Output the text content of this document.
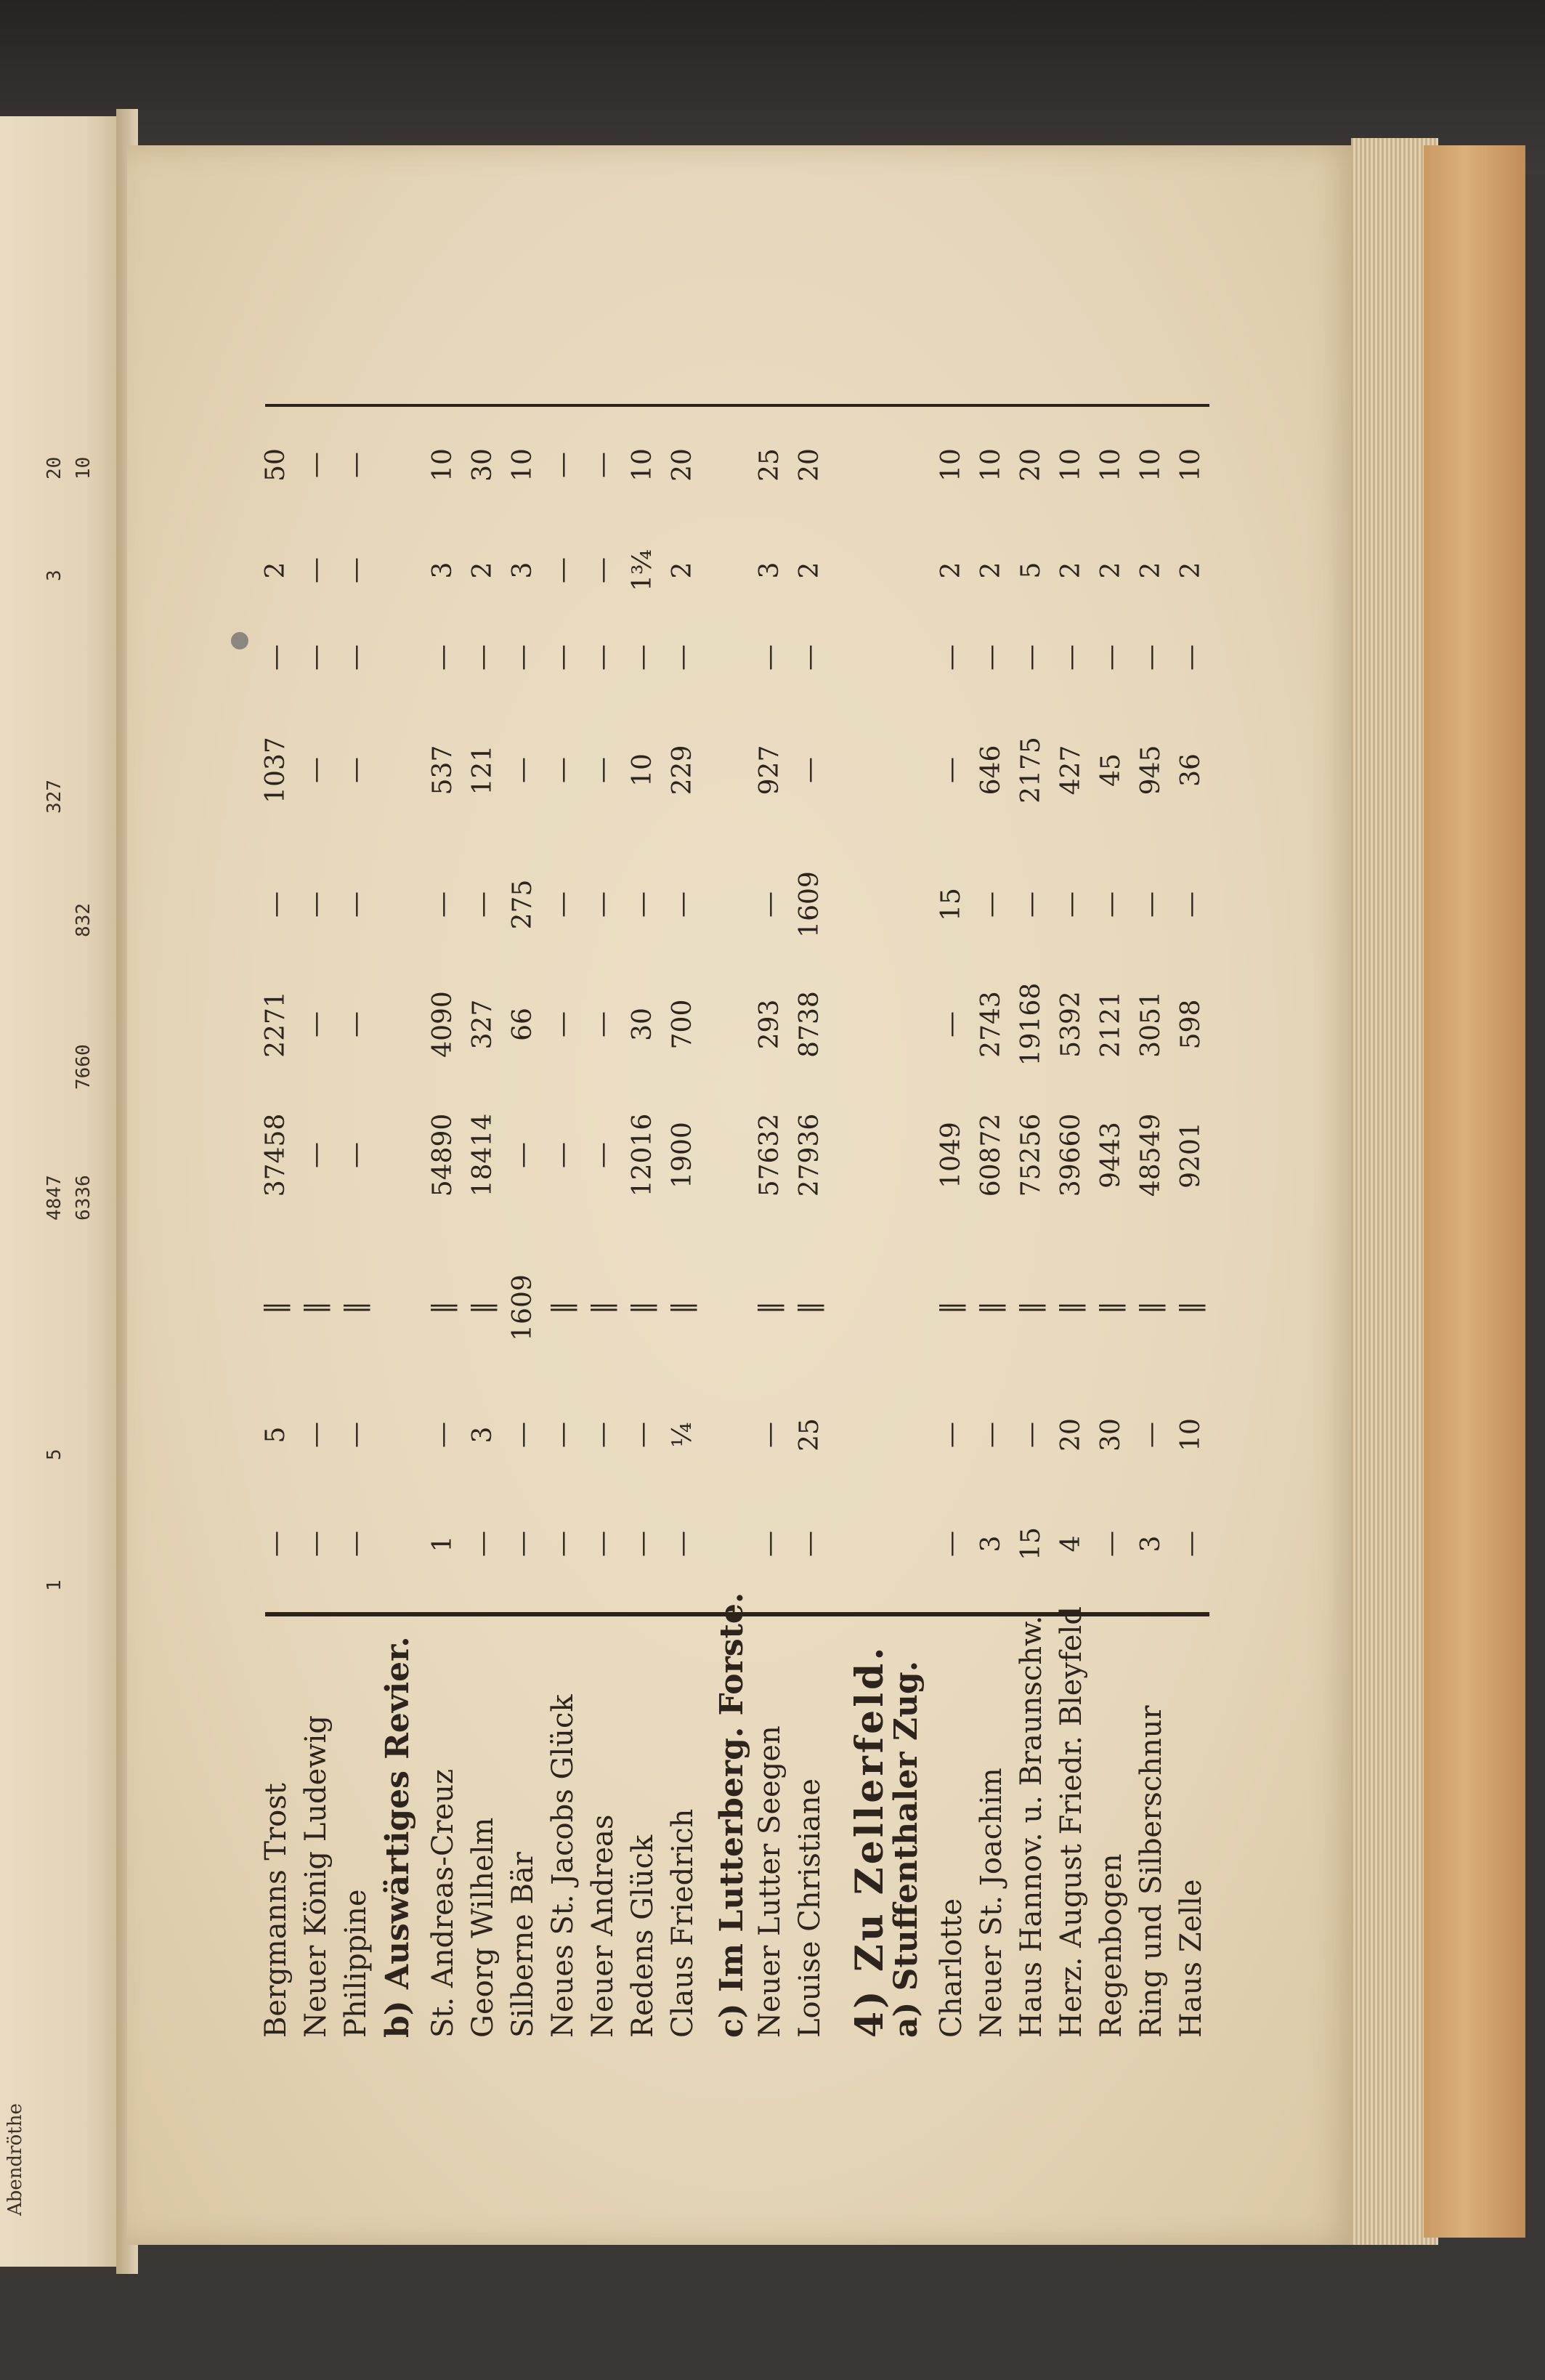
Abendröthe
1
5
4847 6336
7660
832
327
3
20 10
Bergmanns Trost
—
5
‖
37458
2271
—
1037
—
2
50
Neuer König Ludewig
—
—
‖
—
—
—
—
—
—
—
Philippine
—
—
‖
—
—
—
—
—
—
—
b) Auswärtiges Revier. St. Andreas-Creuz
1
—
‖
54890
4090
—
537
—
3
10
Georg Wilhelm
—
3
‖
18414
327
—
121
—
2
30
Silberne Bär
—
—
1609
—
66
275
—
—
3
10
Neues St. Jacobs Glück
—
—
‖
—
—
—
—
—
—
—
Neuer Andreas
—
—
‖
—
—
—
—
—
—
—
Redens Glück
—
—
‖
12016
30
—
10
—
1¾
10
Claus Friedrich
—
¼
‖
1900
700
—
229
—
2
20
c) Im Lutterberg. Forste. Neuer Lutter Seegen
—
—
‖
57632
293
—
927
—
3
25
Louise Christiane
—
25
‖
27936
8738
1609
—
—
2
20
4) Zu Zellerfeld.
a) Stuffenthaler Zug. Charlotte
—
—
‖
1049
—
15
—
—
2
10
Neuer St. Joachim
3
—
‖
60872
2743
—
646
—
2
10
Haus Hannov. u. Braunschw.
15
—
‖
75256
19168
—
2175
—
5
20
Herz. August Friedr. Bleyfeld
4
20
‖
39660
5392
—
427
—
2
10
Regenbogen
—
30
‖
9443
2121
—
45
—
2
10
Ring und Silberschnur
3
—
‖
48549
3051
—
945
—
2
10
Haus Zelle
—
10
‖
9201
598
—
36
—
2
10
